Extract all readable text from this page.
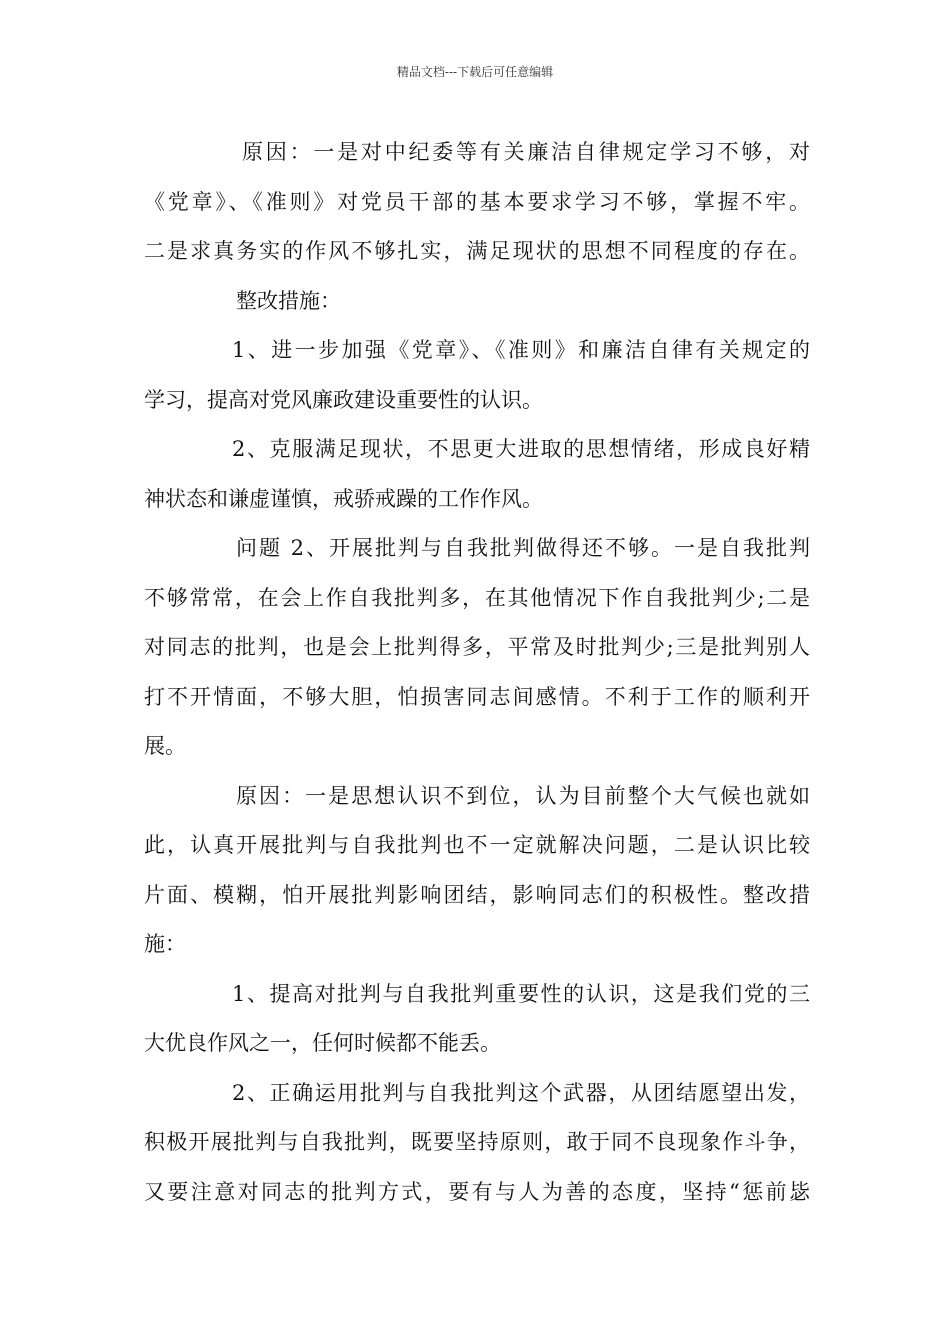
精品文档---下载后可任意编辑
原因：一是对中纪委等有关廉洁自律规定学习不够，对
《党章》、《准则》对党员干部的基本要求学习不够，掌握不牢。
二是求真务实的作风不够扎实，满足现状的思想不同程度的存在。
整改措施：
1、进一步加强《党章》、《准则》和廉洁自律有关规定的
学习，提高对党风廉政建设重要性的认识。
2、克服满足现状，不思更大进取的思想情绪，形成良好精
神状态和谦虚谨慎，戒骄戒躁的工作作风。
问题 2、开展批判与自我批判做得还不够。一是自我批判
不够常常，在会上作自我批判多，在其他情况下作自我批判少;二是
对同志的批判，也是会上批判得多，平常及时批判少;三是批判别人
打不开情面，不够大胆，怕损害同志间感情。不利于工作的顺利开
展。
原因：一是思想认识不到位，认为目前整个大气候也就如
此，认真开展批判与自我批判也不一定就解决问题，二是认识比较
片面、模糊，怕开展批判影响团结，影响同志们的积极性。整改措
施：
1、提高对批判与自我批判重要性的认识，这是我们党的三
大优良作风之一，任何时候都不能丢。
2、正确运用批判与自我批判这个武器，从团结愿望出发，
积极开展批判与自我批判，既要坚持原则，敢于同不良现象作斗争，
又要注意对同志的批判方式，要有与人为善的态度，坚持“惩前毖
